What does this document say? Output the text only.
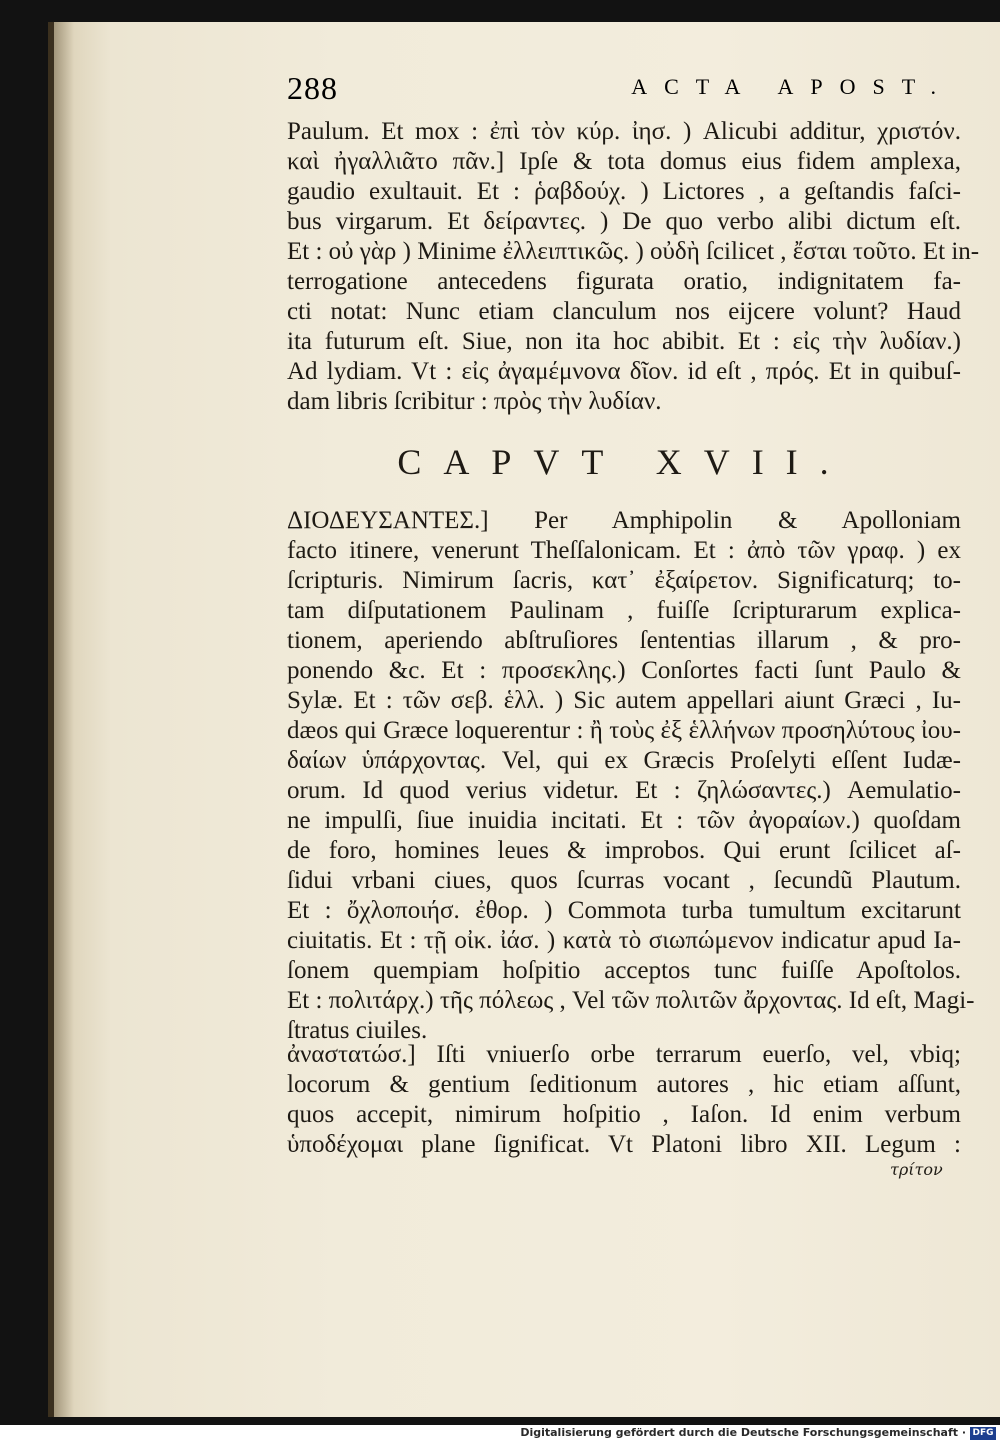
288	ACTA APOST.
Paulum. Et mox : ἐπὶ τὸν κύρ. ἰησ. ) Alicubi additur, χριστόν.
καὶ ἠγαλλιᾶτο πᾶν.] Ipſe & tota domus eius fidem amplexa,
gaudio exultauit. Et : ῥαβδούχ. ) Lictores , a geſtandis faſci-
bus virgarum. Et δείραντες. ) De quo verbo alibi dictum eſt.
Et : οὐ γὰρ ) Minime ἐλλειπτικῶς. ) οὐδὴ ſcilicet , ἔσται τοῦτο. Et in-
terrogatione antecedens figurata oratio, indignitatem fa-
cti notat: Nunc etiam clanculum nos eijcere volunt? Haud
ita futurum eſt. Siue, non ita hoc abibit. Et : εἰς τὴν λυδίαν.)
Ad lydiam. Vt : εἰς ἀγαμέμνονα δῖον. id eſt , πρός. Et in quibuſ-
dam libris ſcribitur : πρὸς τὴν λυδίαν.
CAPVT XVII.
ΔΙΟΔΕΥΣΑΝΤΕΣ.] Per Amphipolin & Apolloniam
facto itinere, venerunt Theſſalonicam. Et : ἀπὸ τῶν γραφ. ) ex
ſcripturis. Nimirum ſacris, κατ᾽ ἐξαίρετον. Significaturq; to-
tam diſputationem Paulinam , fuiſſe ſcripturarum explica-
tionem, aperiendo abſtruſiores ſententias illarum , & pro-
ponendo &c. Et : προσεκλης.) Conſortes facti ſunt Paulo &
Sylæ. Et : τῶν σεβ. ἑλλ. ) Sic autem appellari aiunt Græci , Iu-
dæos qui Græce loquerentur : ἢ τοὺς ἐξ ἑλλήνων προσηλύτους ἰου-
δαίων ὑπάρχοντας. Vel, qui ex Græcis Proſelyti eſſent Iudæ-
orum. Id quod verius videtur. Et : ζηλώσαντες.) Aemulatio-
ne impulſi, ſiue inuidia incitati. Et : τῶν ἀγοραίων.) quoſdam
de foro, homines leues & improbos. Qui erunt ſcilicet aſ-
ſidui vrbani ciues, quos ſcurras vocant , ſecundũ Plautum.
Et : ὄχλοποιήσ. ἐθορ. ) Commota turba tumultum excitarunt
ciuitatis. Et : τῇ οἰκ. ἰάσ. ) κατὰ τὸ σιωπώμενον indicatur apud Ia-
ſonem quempiam hoſpitio acceptos tunc fuiſſe Apoſtolos.
Et : πολιτάρχ.) τῆς πόλεως , Vel τῶν πολιτῶν ἄρχοντας. Id eſt, Magi-
ſtratus ciuiles.
ἀναστατώσ.] Iſti vniuerſo orbe terrarum euerſo, vel, vbiq;
locorum & gentium ſeditionum autores , hic etiam aſſunt,
quos accepit, nimirum hoſpitio , Iaſon. Id enim verbum
ὑποδέχομαι plane ſignificat. Vt Platoni libro XII. Legum :
τρίτον
Digitalisierung gefördert durch die Deutsche Forschungsgemeinschaft · DFG
